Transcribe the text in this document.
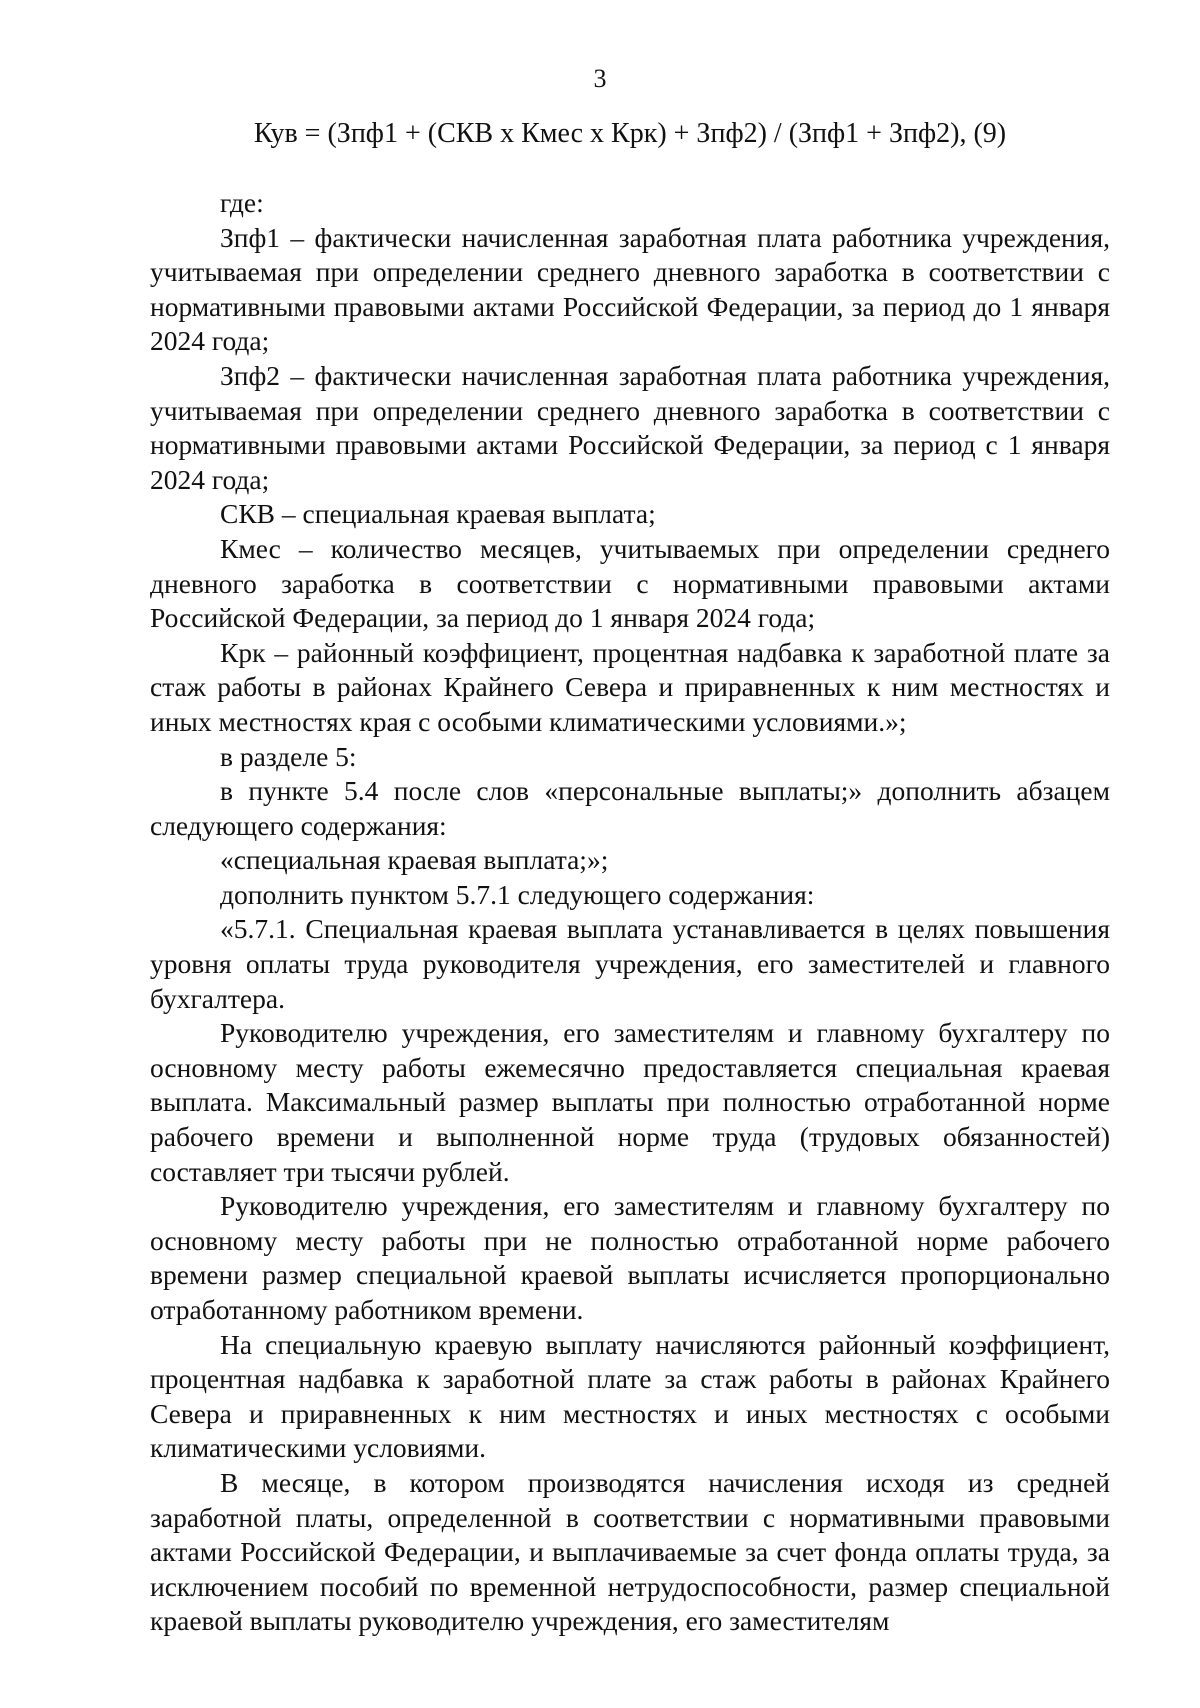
3
Кув = (Зпф1 + (СКВ х Кмес х Крк) + Зпф2) / (Зпф1 + Зпф2), (9)

где:

Зпф1 – фактически начисленная заработная плата работника учреждения, учитываемая при определении среднего дневного заработка в соответствии с нормативными правовыми актами Российской Федерации, за период до 1 января 2024 года;

Зпф2 – фактически начисленная заработная плата работника учреждения, учитываемая при определении среднего дневного заработка в соответствии с нормативными правовыми актами Российской Федерации, за период с 1 января 2024 года;

СКВ – специальная краевая выплата;

Кмес – количество месяцев, учитываемых при определении среднего дневного заработка в соответствии с нормативными правовыми актами Российской Федерации, за период до 1 января 2024 года;

Крк – районный коэффициент, процентная надбавка к заработной плате за стаж работы в районах Крайнего Севера и приравненных к ним местностях и иных местностях края с особыми климатическими условиями.»;

в разделе 5:

в пункте 5.4 после слов «персональные выплаты;» дополнить абзацем следующего содержания:

«специальная краевая выплата;»;

дополнить пунктом 5.7.1 следующего содержания:

«5.7.1. Специальная краевая выплата устанавливается в целях повышения уровня оплаты труда руководителя учреждения, его заместителей и главного бухгалтера.

Руководителю учреждения, его заместителям и главному бухгалтеру по основному месту работы ежемесячно предоставляется специальная краевая выплата. Максимальный размер выплаты при полностью отработанной норме рабочего времени и выполненной норме труда (трудовых обязанностей) составляет три тысячи рублей.

Руководителю учреждения, его заместителям и главному бухгалтеру по основному месту работы при не полностью отработанной норме рабочего времени размер специальной краевой выплаты исчисляется пропорционально отработанному работником времени.

На специальную краевую выплату начисляются районный коэффициент, процентная надбавка к заработной плате за стаж работы в районах Крайнего Севера и приравненных к ним местностях и иных местностях с особыми климатическими условиями.

В месяце, в котором производятся начисления исходя из средней заработной платы, определенной в соответствии с нормативными правовыми актами Российской Федерации, и выплачиваемые за счет фонда оплаты труда, за исключением пособий по временной нетрудоспособности, размер специальной краевой выплаты руководителю учреждения, его заместителям
